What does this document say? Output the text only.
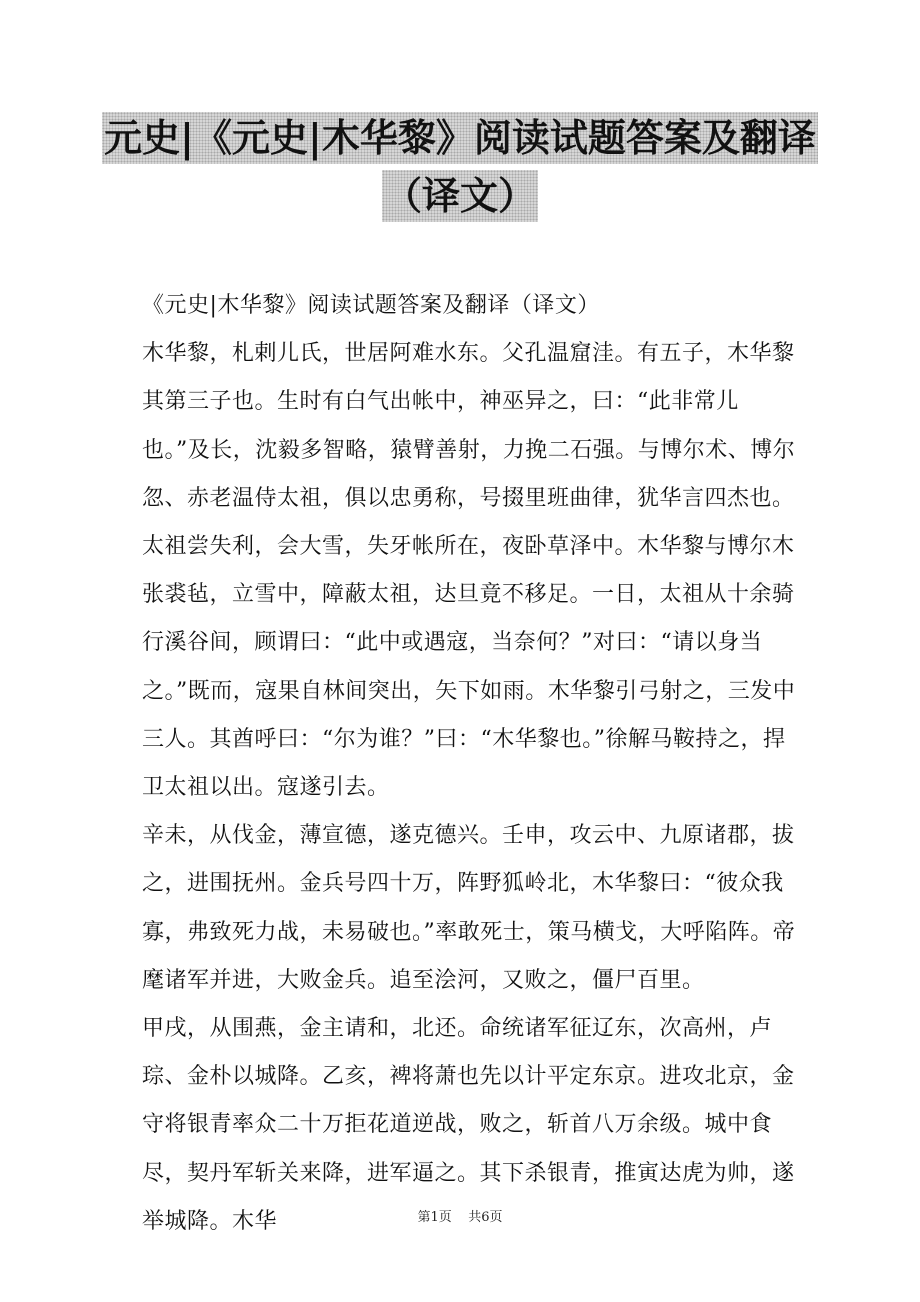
元史|《元史|木华黎》阅读试题答案及翻译
（译文）

《元史|木华黎》阅读试题答案及翻译（译文）

木华黎，札剌儿氏，世居阿难水东。父孔温窟洼。有五子，木华黎其第三子也。生时有白气出帐中，神巫异之，曰：“此非常儿也。”及长，沈毅多智略，猿臂善射，力挽二石强。与博尔术、博尔忽、赤老温侍太祖，俱以忠勇称，号掇里班曲律，犹华言四杰也。

太祖尝失利，会大雪，失牙帐所在，夜卧草泽中。木华黎与博尔木张裘毡，立雪中，障蔽太祖，达旦竟不移足。一日，太祖从十余骑行溪谷间，顾谓曰：“此中或遇寇，当奈何？”对曰：“请以身当之。”既而，寇果自林间突出，矢下如雨。木华黎引弓射之，三发中三人。其酋呼曰：“尔为谁？”曰：“木华黎也。”徐解马鞍持之，捍卫太祖以出。寇遂引去。

辛未，从伐金，薄宣德，遂克德兴。壬申，攻云中、九原诸郡，拔之，进围抚州。金兵号四十万，阵野狐岭北，木华黎曰：“彼众我寡，弗致死力战，未易破也。”率敢死士，策马横戈，大呼陷阵。帝麾诸军并进，大败金兵。追至浍河，又败之，僵尸百里。

甲戌，从围燕，金主请和，北还。命统诸军征辽东，次高州，卢琮、金朴以城降。乙亥，裨将萧也先以计平定东京。进攻北京，金守将银青率众二十万拒花道逆战，败之，斩首八万余级。城中食尽，契丹军斩关来降，进军逼之。其下杀银青，推寅达虎为帅，遂举城降。木华	第1页    共6页
